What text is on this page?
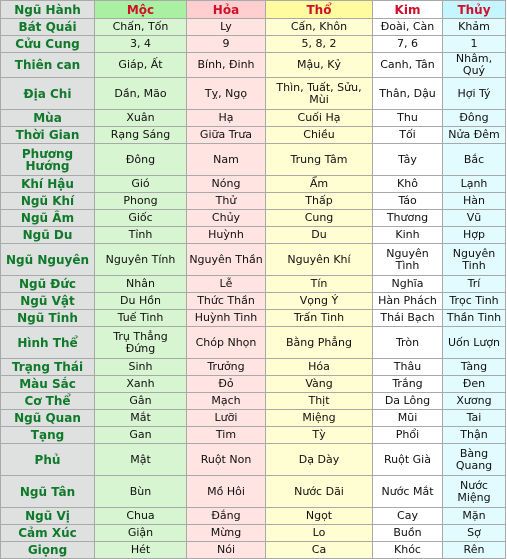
Ngũ Hành	Mộc	Hỏa	Thổ	Kim	Thủy
Bát Quái	Chấn, Tốn	Ly	Cấn, Khôn	Đoài, Càn	Khảm
Cửu Cung	3, 4	9	5, 8, 2	7, 6	1
Thiên can	Giáp, Ất	Bính, Đinh	Mậu, Kỷ	Canh, Tân	Nhâm, Quý
Địa Chi	Dần, Mão	Tỵ, Ngọ	Thìn, Tuất, Sửu, Mùi	Thân, Dậu	Hợi Tý
Mùa	Xuân	Hạ	Cuối Hạ	Thu	Đông
Thời Gian	Rạng Sáng	Giữa Trưa	Chiều	Tối	Nửa Đêm
Phương Hướng	Đông	Nam	Trung Tâm	Tây	Bắc
Khí Hậu	Gió	Nóng	Ẩm	Khô	Lạnh
Ngũ Khí	Phong	Thử	Thấp	Táo	Hàn
Ngũ Âm	Giốc	Chủy	Cung	Thương	Vũ
Ngũ Du	Tỉnh	Huỳnh	Du	Kinh	Hợp
Ngũ Nguyên	Nguyên Tính	Nguyên Thần	Nguyên Khí	Nguyên Tình	Nguyên Tinh
Ngũ Đức	Nhân	Lễ	Tín	Nghĩa	Trí
Ngũ Vật	Du Hồn	Thức Thần	Vọng Ý	Hàn Phách	Trọc Tinh
Ngũ Tinh	Tuế Tinh	Huỳnh Tinh	Trấn Tinh	Thái Bạch	Thần Tinh
Hình Thể	Trụ Thẳng Đứng	Chóp Nhọn	Bằng Phẳng	Tròn	Uốn Lượn
Trạng Thái	Sinh	Trưởng	Hóa	Thâu	Tàng
Màu Sắc	Xanh	Đỏ	Vàng	Trắng	Đen
Cơ Thể	Gân	Mạch	Thịt	Da Lông	Xương
Ngũ Quan	Mắt	Lưỡi	Miệng	Mũi	Tai
Tạng	Gan	Tim	Tỳ	Phổi	Thận
Phủ	Mật	Ruột Non	Dạ Dày	Ruột Già	Bàng Quang
Ngũ Tân	Bùn	Mồ Hôi	Nước Dãi	Nước Mắt	Nước Miệng
Ngũ Vị	Chua	Đắng	Ngọt	Cay	Mặn
Cảm Xúc	Giận	Mừng	Lo	Buồn	Sợ
Giọng	Hét	Nói	Ca	Khóc	Rên
